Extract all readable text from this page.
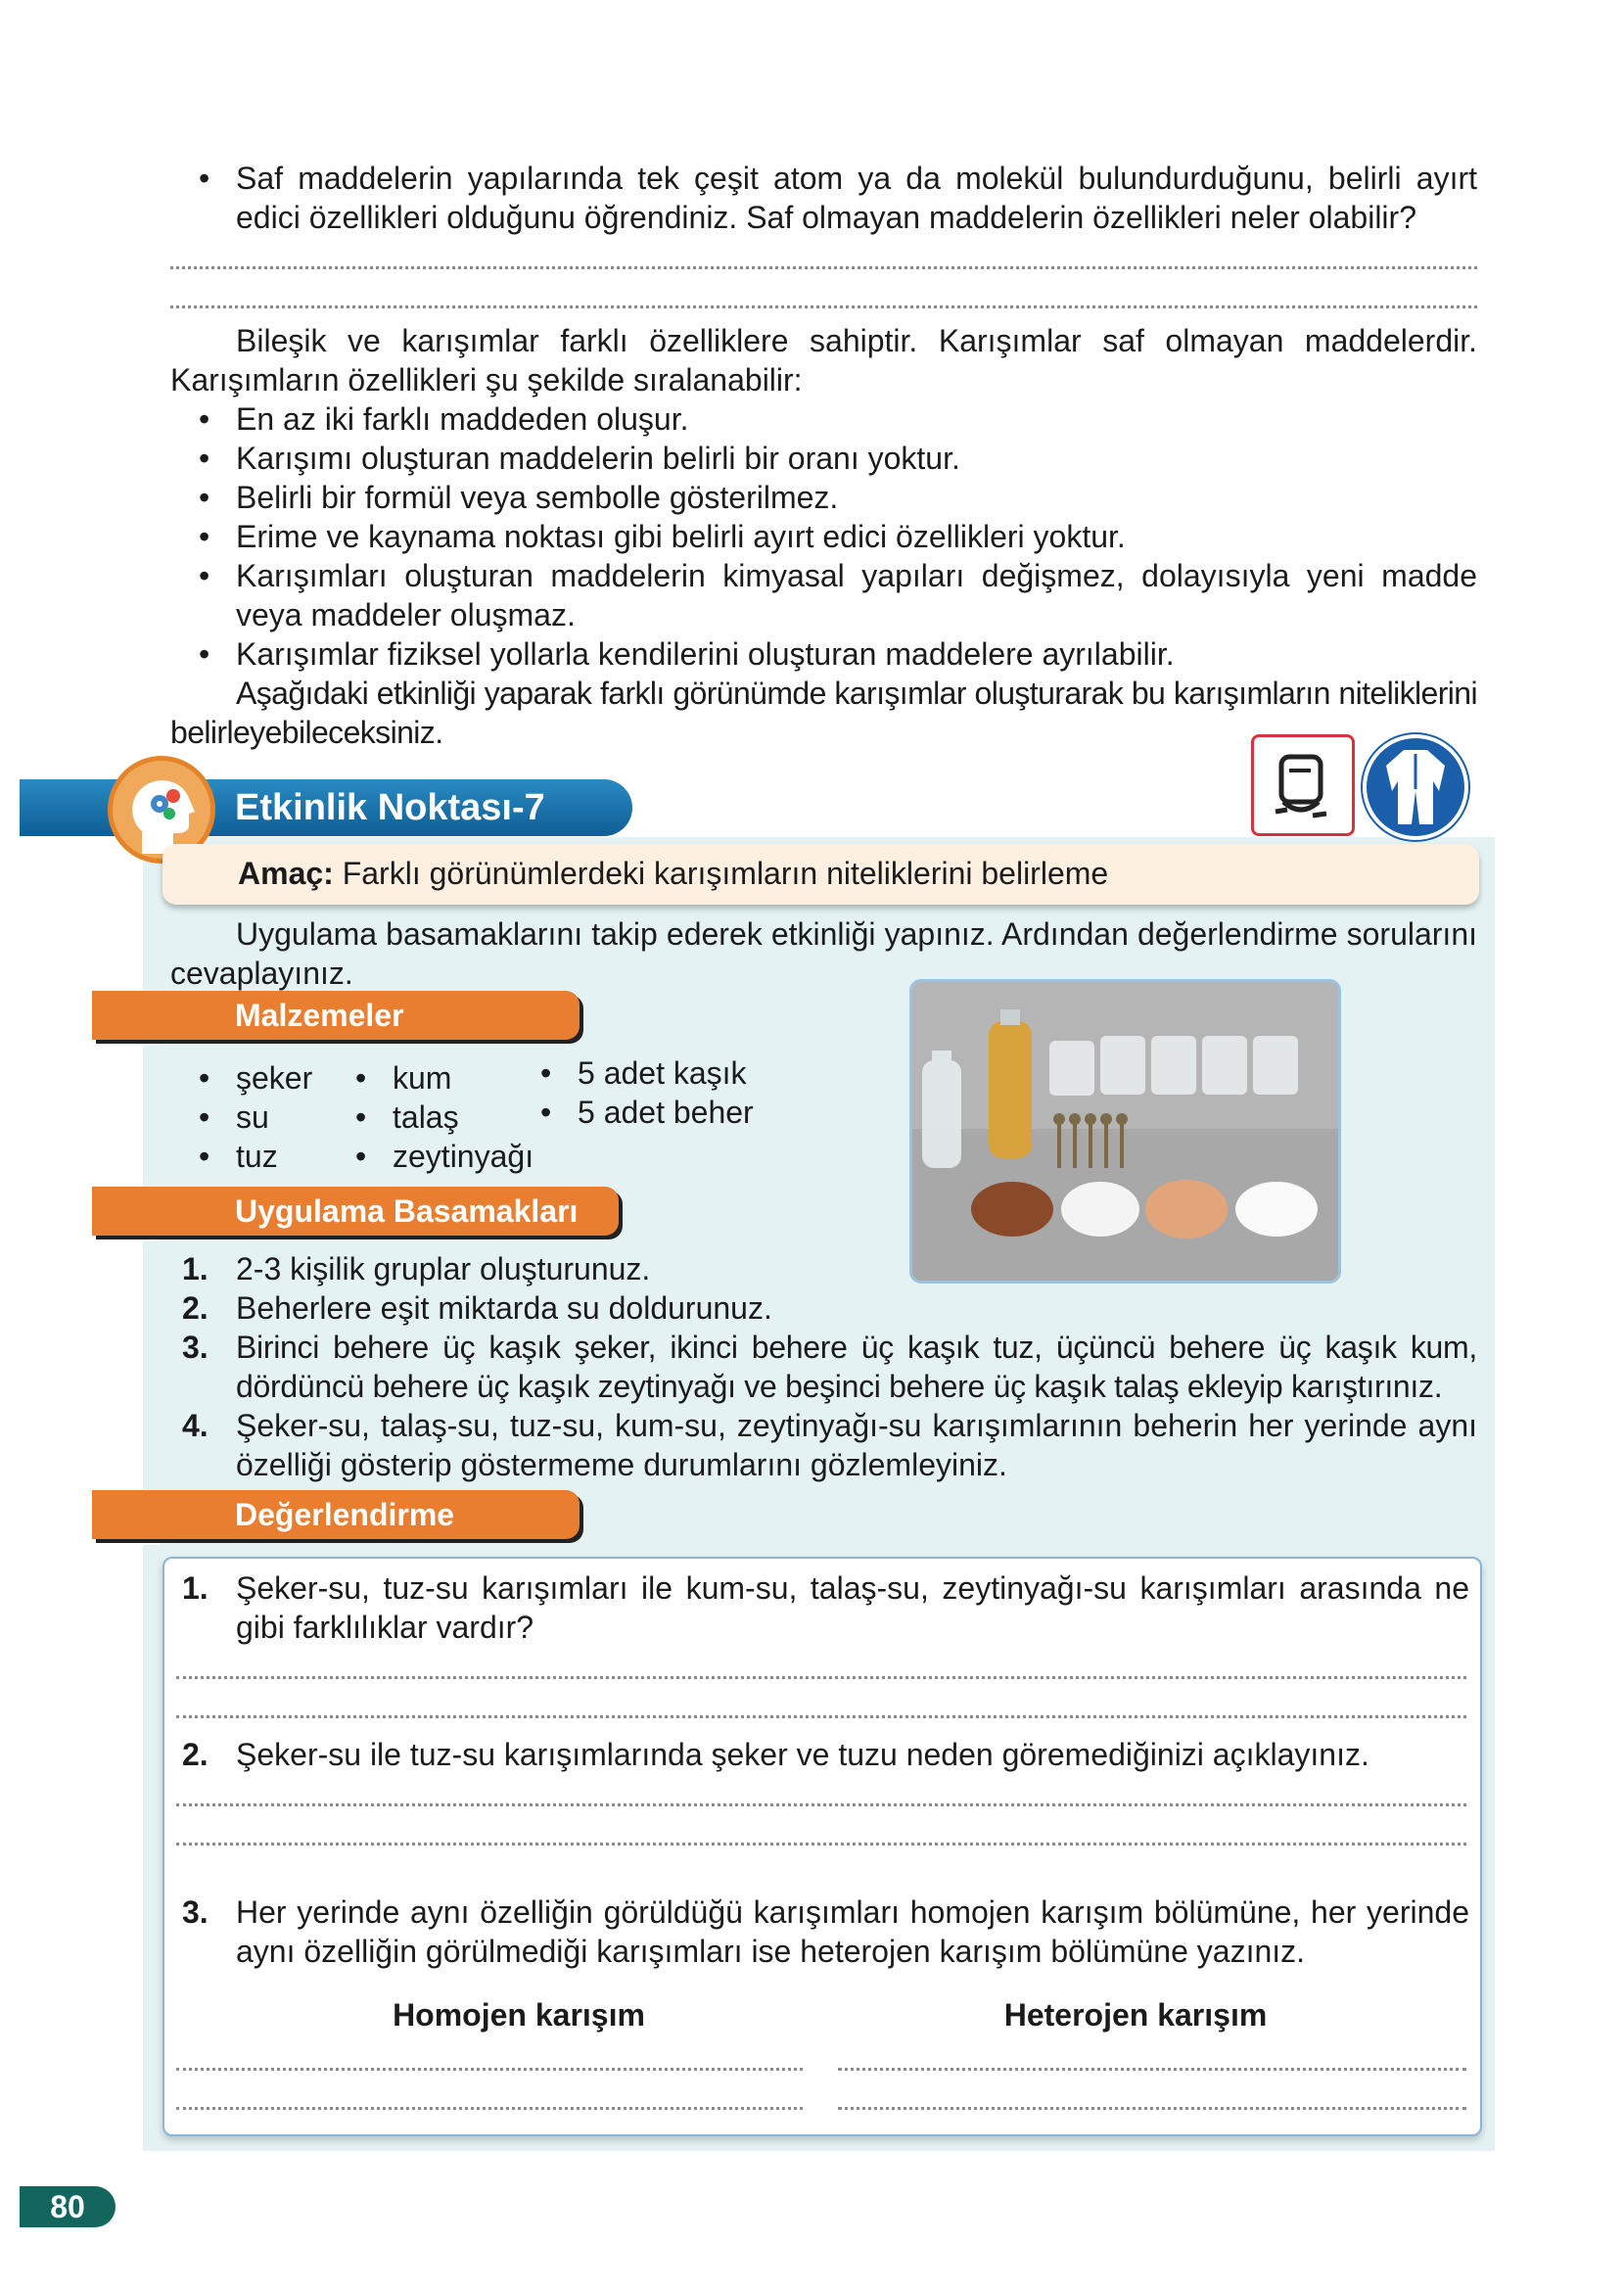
• Saf maddelerin yapılarında tek çeşit atom ya da molekül bulundurduğunu, belirli ayırt edici özellikleri olduğunu öğrendiniz. Saf olmayan maddelerin özellikleri neler olabilir?
Bileşik ve karışımlar farklı özelliklere sahiptir. Karışımlar saf olmayan maddelerdir. Karışımların özellikleri şu şekilde sıralanabilir:
• En az iki farklı maddeden oluşur.
• Karışımı oluşturan maddelerin belirli bir oranı yoktur.
• Belirli bir formül veya sembolle gösterilmez.
• Erime ve kaynama noktası gibi belirli ayırt edici özellikleri yoktur.
• Karışımları oluşturan maddelerin kimyasal yapıları değişmez, dolayısıyla yeni madde veya maddeler oluşmaz.
• Karışımlar fiziksel yollarla kendilerini oluşturan maddelere ayrılabilir.
Aşağıdaki etkinliği yaparak farklı görünümde karışımlar oluşturarak bu karışımların niteliklerini belirleyebileceksiniz.
Etkinlik Noktası-7
Amaç: Farklı görünümlerdeki karışımların niteliklerini belirleme
Uygulama basamaklarını takip ederek etkinliği yapınız. Ardından değerlendirme sorularını cevaplayınız.
Malzemeler
• şeker
• su
• tuz
• kum
• talaş
• zeytinyağı
• 5 adet kaşık
• 5 adet beher
Uygulama Basamakları
1. 2-3 kişilik gruplar oluşturunuz.
2. Beherlere eşit miktarda su doldurunuz.
3. Birinci behere üç kaşık şeker, ikinci behere üç kaşık tuz, üçüncü behere üç kaşık kum, dördüncü behere üç kaşık zeytinyağı ve beşinci behere üç kaşık talaş ekleyip karıştırınız.
4. Şeker-su, talaş-su, tuz-su, kum-su, zeytinyağı-su karışımlarının beherin her yerinde aynı özelliği gösterip göstermeme durumlarını gözlemleyiniz.
Değerlendirme
1. Şeker-su, tuz-su karışımları ile kum-su, talaş-su, zeytinyağı-su karışımları arasında ne gibi farklılıklar vardır?
2. Şeker-su ile tuz-su karışımlarında şeker ve tuzu neden göremediğinizi açıklayınız.
3. Her yerinde aynı özelliğin görüldüğü karışımları homojen karışım bölümüne, her yerinde aynı özelliğin görülmediği karışımları ise heterojen karışım bölümüne yazınız.
Homojen karışım	Heterojen karışım
80
